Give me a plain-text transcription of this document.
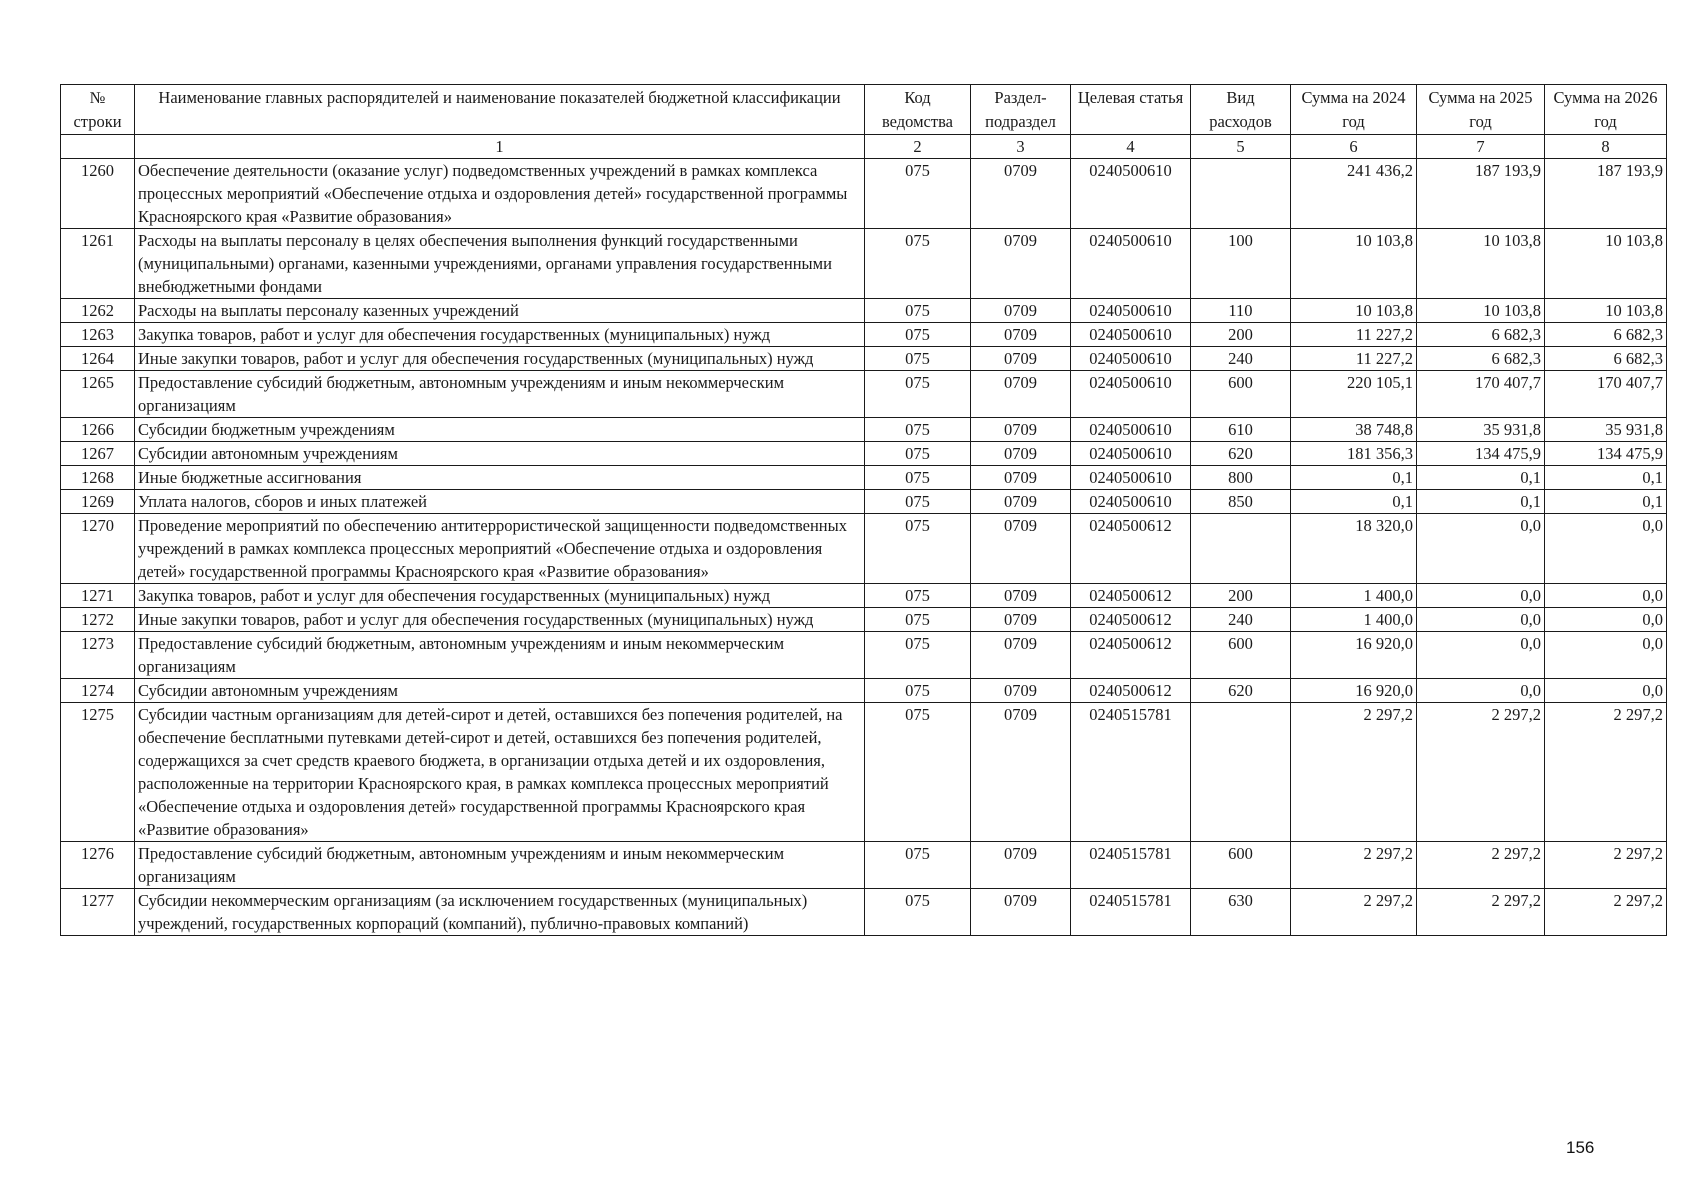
№ строки	Наименование главных распорядителей и наименование показателей бюджетной классификации	Код ведомства	Раздел-подраздел	Целевая статья	Вид расходов	Сумма на 2024 год	Сумма на 2025 год	Сумма на 2026 год
	1	2	3	4	5	6	7	8
1260	Обеспечение деятельности (оказание услуг) подведомственных учреждений в рамках комплекса процессных мероприятий «Обеспечение отдыха и оздоровления детей» государственной программы Красноярского края «Развитие образования»	075	0709	0240500610		241 436,2	187 193,9	187 193,9
1261	Расходы на выплаты персоналу в целях обеспечения выполнения функций государственными (муниципальными) органами, казенными учреждениями, органами управления государственными внебюджетными фондами	075	0709	0240500610	100	10 103,8	10 103,8	10 103,8
1262	Расходы на выплаты персоналу казенных учреждений	075	0709	0240500610	110	10 103,8	10 103,8	10 103,8
1263	Закупка товаров, работ и услуг для обеспечения государственных (муниципальных) нужд	075	0709	0240500610	200	11 227,2	6 682,3	6 682,3
1264	Иные закупки товаров, работ и услуг для обеспечения государственных (муниципальных) нужд	075	0709	0240500610	240	11 227,2	6 682,3	6 682,3
1265	Предоставление субсидий бюджетным, автономным учреждениям и иным некоммерческим организациям	075	0709	0240500610	600	220 105,1	170 407,7	170 407,7
1266	Субсидии бюджетным учреждениям	075	0709	0240500610	610	38 748,8	35 931,8	35 931,8
1267	Субсидии автономным учреждениям	075	0709	0240500610	620	181 356,3	134 475,9	134 475,9
1268	Иные бюджетные ассигнования	075	0709	0240500610	800	0,1	0,1	0,1
1269	Уплата налогов, сборов и иных платежей	075	0709	0240500610	850	0,1	0,1	0,1
1270	Проведение мероприятий по обеспечению антитеррористической защищенности подведомственных учреждений в рамках комплекса процессных мероприятий «Обеспечение отдыха и оздоровления детей» государственной программы Красноярского края «Развитие образования»	075	0709	0240500612		18 320,0	0,0	0,0
1271	Закупка товаров, работ и услуг для обеспечения государственных (муниципальных) нужд	075	0709	0240500612	200	1 400,0	0,0	0,0
1272	Иные закупки товаров, работ и услуг для обеспечения государственных (муниципальных) нужд	075	0709	0240500612	240	1 400,0	0,0	0,0
1273	Предоставление субсидий бюджетным, автономным учреждениям и иным некоммерческим организациям	075	0709	0240500612	600	16 920,0	0,0	0,0
1274	Субсидии автономным учреждениям	075	0709	0240500612	620	16 920,0	0,0	0,0
1275	Субсидии частным организациям для детей-сирот и детей, оставшихся без попечения родителей, на обеспечение бесплатными путевками детей-сирот и детей, оставшихся без попечения родителей, содержащихся за счет средств краевого бюджета, в организации отдыха детей и их оздоровления, расположенные на территории Красноярского края, в рамках комплекса процессных мероприятий «Обеспечение отдыха и оздоровления детей» государственной программы Красноярского края «Развитие образования»	075	0709	0240515781		2 297,2	2 297,2	2 297,2
1276	Предоставление субсидий бюджетным, автономным учреждениям и иным некоммерческим организациям	075	0709	0240515781	600	2 297,2	2 297,2	2 297,2
1277	Субсидии некоммерческим организациям (за исключением государственных (муниципальных) учреждений, государственных корпораций (компаний), публично-правовых компаний)	075	0709	0240515781	630	2 297,2	2 297,2	2 297,2
156
